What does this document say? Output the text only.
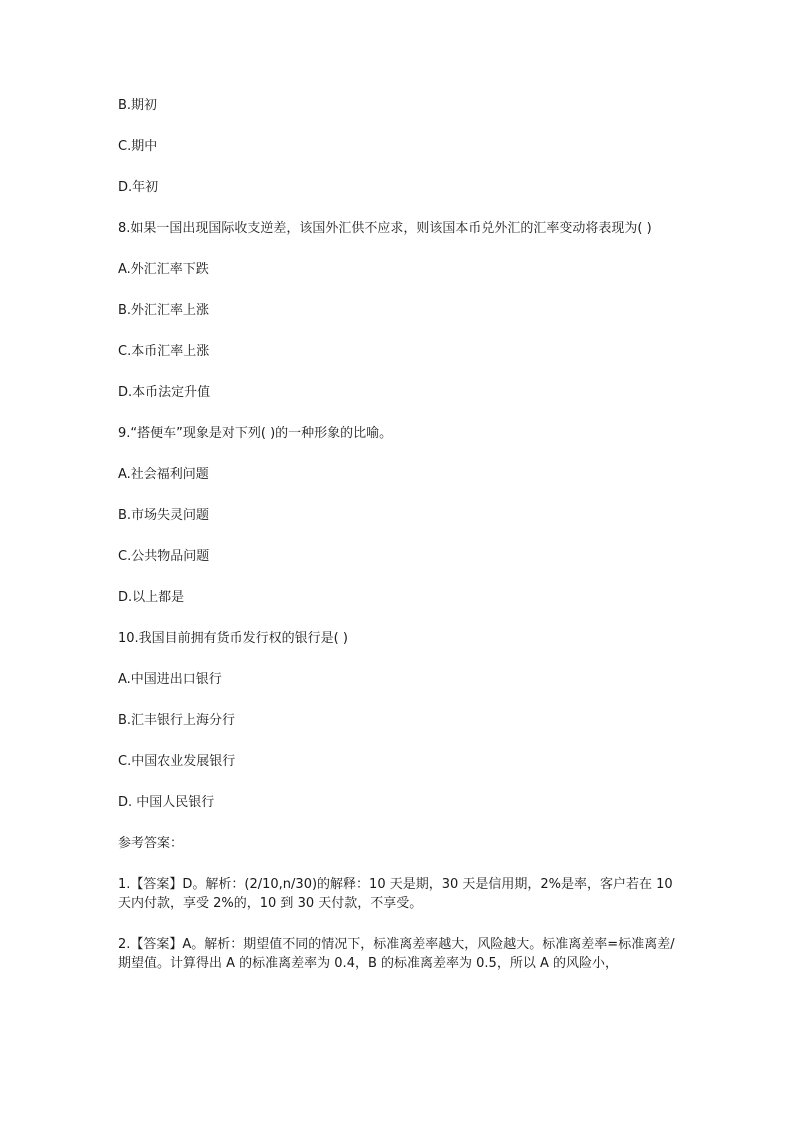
B.期初

C.期中

D.年初

8.如果一国出现国际收支逆差，该国外汇供不应求，则该国本币兑外汇的汇率变动将表现为( )

A.外汇汇率下跌

B.外汇汇率上涨

C.本币汇率上涨

D.本币法定升值

9.“搭便车”现象是对下列( )的一种形象的比喻。

A.社会福利问题

B.市场失灵问题

C.公共物品问题

D.以上都是

10.我国目前拥有货币发行权的银行是( )

A.中国进出口银行

B.汇丰银行上海分行

C.中国农业发展银行

D. 中国人民银行

参考答案：

1.【答案】D。解析：(2/10,n/30)的解释：10 天是期，30 天是信用期，2%是率，客户若在 10 天内付款，享受 2%的，10 到 30 天付款，不享受。

2.【答案】A。解析：期望值不同的情况下，标准离差率越大，风险越大。标准离差率=标准离差/期望值。计算得出 A 的标准离差率为 0.4，B 的标准离差率为 0.5，所以 A 的风险小，
